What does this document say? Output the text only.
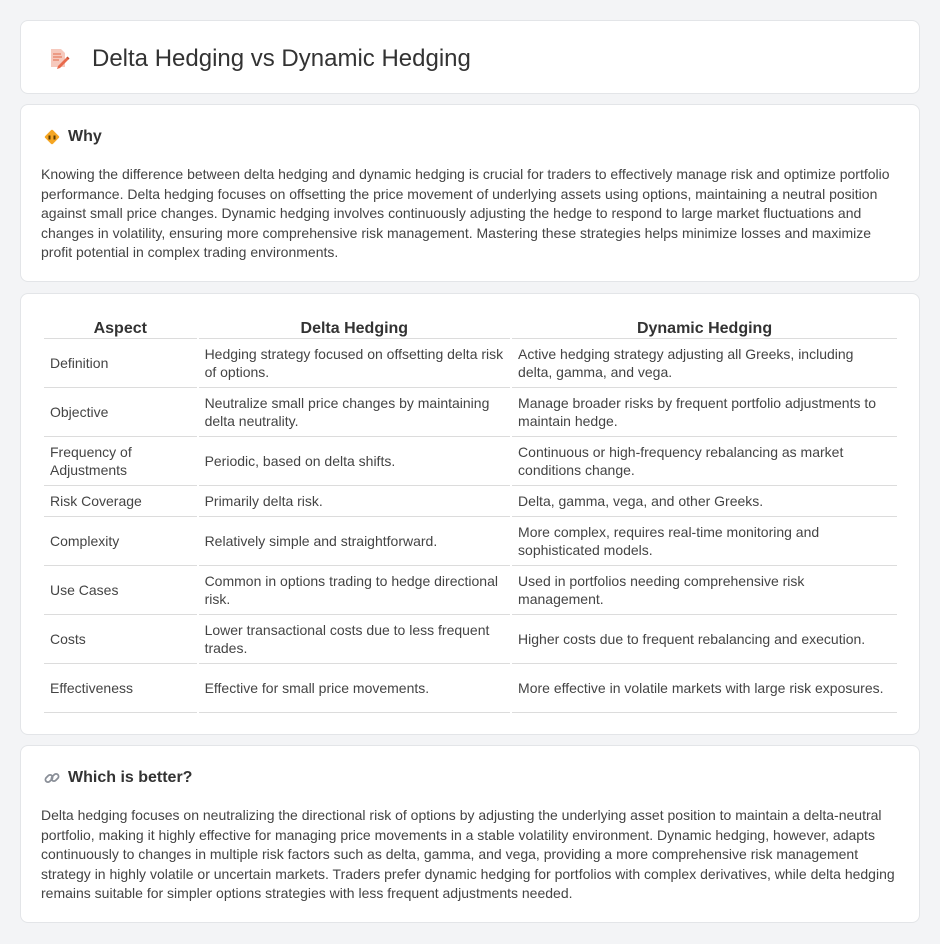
Delta Hedging vs Dynamic Hedging
Why

Knowing the difference between delta hedging and dynamic hedging is crucial for traders to effectively manage risk and optimize portfolio performance. Delta hedging focuses on offsetting the price movement of underlying assets using options, maintaining a neutral position against small price changes. Dynamic hedging involves continuously adjusting the hedge to respond to large market fluctuations and changes in volatility, ensuring more comprehensive risk management. Mastering these strategies helps minimize losses and maximize profit potential in complex trading environments.

Aspect	Delta Hedging	Dynamic Hedging
Definition	Hedging strategy focused on offsetting delta risk of options.	Active hedging strategy adjusting all Greeks, including delta, gamma, and vega.
Objective	Neutralize small price changes by maintaining delta neutrality.	Manage broader risks by frequent portfolio adjustments to maintain hedge.
Frequency of Adjustments	Periodic, based on delta shifts.	Continuous or high-frequency rebalancing as market conditions change.
Risk Coverage	Primarily delta risk.	Delta, gamma, vega, and other Greeks.
Complexity	Relatively simple and straightforward.	More complex, requires real-time monitoring and sophisticated models.
Use Cases	Common in options trading to hedge directional risk.	Used in portfolios needing comprehensive risk management.
Costs	Lower transactional costs due to less frequent trades.	Higher costs due to frequent rebalancing and execution.
Effectiveness	Effective for small price movements.	More effective in volatile markets with large risk exposures.
Which is better?

Delta hedging focuses on neutralizing the directional risk of options by adjusting the underlying asset position to maintain a delta-neutral portfolio, making it highly effective for managing price movements in a stable volatility environment. Dynamic hedging, however, adapts continuously to changes in multiple risk factors such as delta, gamma, and vega, providing a more comprehensive risk management strategy in highly volatile or uncertain markets. Traders prefer dynamic hedging for portfolios with complex derivatives, while delta hedging remains suitable for simpler options strategies with less frequent adjustments needed.
